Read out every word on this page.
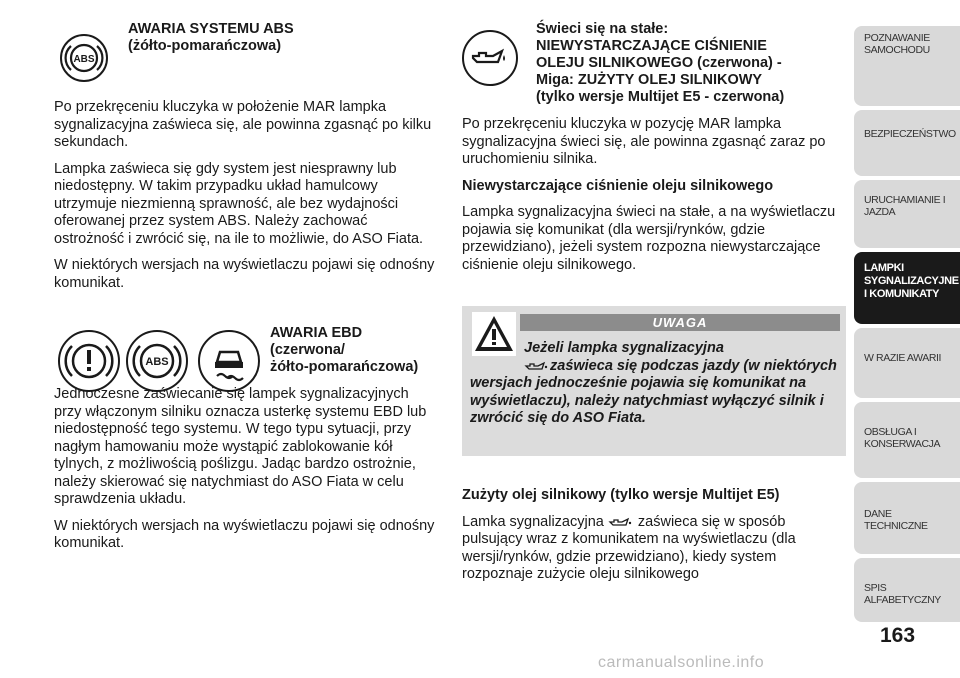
ABS
AWARIA SYSTEMU ABS
(żółto-pomarańczowa)

Po przekręceniu kluczyka w położenie MAR lampka sygnalizacyjna zaświeca się, ale powinna zgasnąć po kilku sekundach.

Lampka zaświeca się gdy system jest niesprawny lub niedostępny. W takim przypadku układ hamulcowy utrzymuje niezmienną sprawność, ale bez wydajności oferowanej przez system ABS. Należy zachować ostrożność i zwrócić się, na ile to możliwie, do ASO Fiata.

W niektórych wersjach na wyświetlaczu pojawi się odnośny komunikat.

ABS
AWARIA EBD
(czerwona/
żółto-pomarańczowa)

Jednoczesne zaświecanie się lampek sygnalizacyjnych przy włączonym silniku oznacza usterkę systemu EBD lub niedostępność tego systemu. W tego typu sytuacji, przy nagłym hamowaniu może wystąpić zablokowanie kół tylnych, z możliwością poślizgu. Jadąc bardzo ostrożnie, należy skierować się natychmiast do ASO Fiata w celu sprawdzenia układu.

W niektórych wersjach na wyświetlaczu pojawi się odnośny komunikat.

Świeci się na stałe:
NIEWYSTARCZAJĄCE CIŚNIENIE
OLEJU SILNIKOWEGO (czerwona) -
Miga: ZUŻYTY OLEJ SILNIKOWY
(tylko wersje Multijet E5 - czerwona)

Po przekręceniu kluczyka w pozycję MAR lampka sygnalizacyjna świeci się, ale powinna zgasnąć zaraz po uruchomieniu silnika.

Niewystarczające ciśnienie oleju silnikowego

Lampka sygnalizacyjna świeci na stałe, a na wyświetlaczu pojawia się komunikat (dla wersji/rynków, gdzie przewidziano), jeżeli system rozpozna niewystarczające ciśnienie oleju silnikowego.

UWAGA
Jeżeli lampka sygnalizacyjna
zaświeca się podczas jazdy (w niektórych wersjach jednocześnie pojawia się komunikat na wyświetlaczu), należy natychmiast wyłączyć silnik i zwrócić się do ASO Fiata.

Zużyty olej silnikowy (tylko wersje Multijet E5)

Lamka sygnalizacyjna zaświeca się w sposób pulsujący wraz z komunikatem na wyświetlaczu (dla wersji/rynków, gdzie przewidziano), kiedy system rozpoznaje zużycie oleju silnikowego

POZNAWANIE
SAMOCHODU
BEZPIECZEŃSTWO
URUCHAMIANIE I
JAZDA
LAMPKI
SYGNALIZACYJNE
I KOMUNIKATY
W RAZIE AWARII
OBSŁUGA I
KONSERWACJA
DANE TECHNICZNE
SPIS ALFABETYCZNY
163
carmanualsonline.info
